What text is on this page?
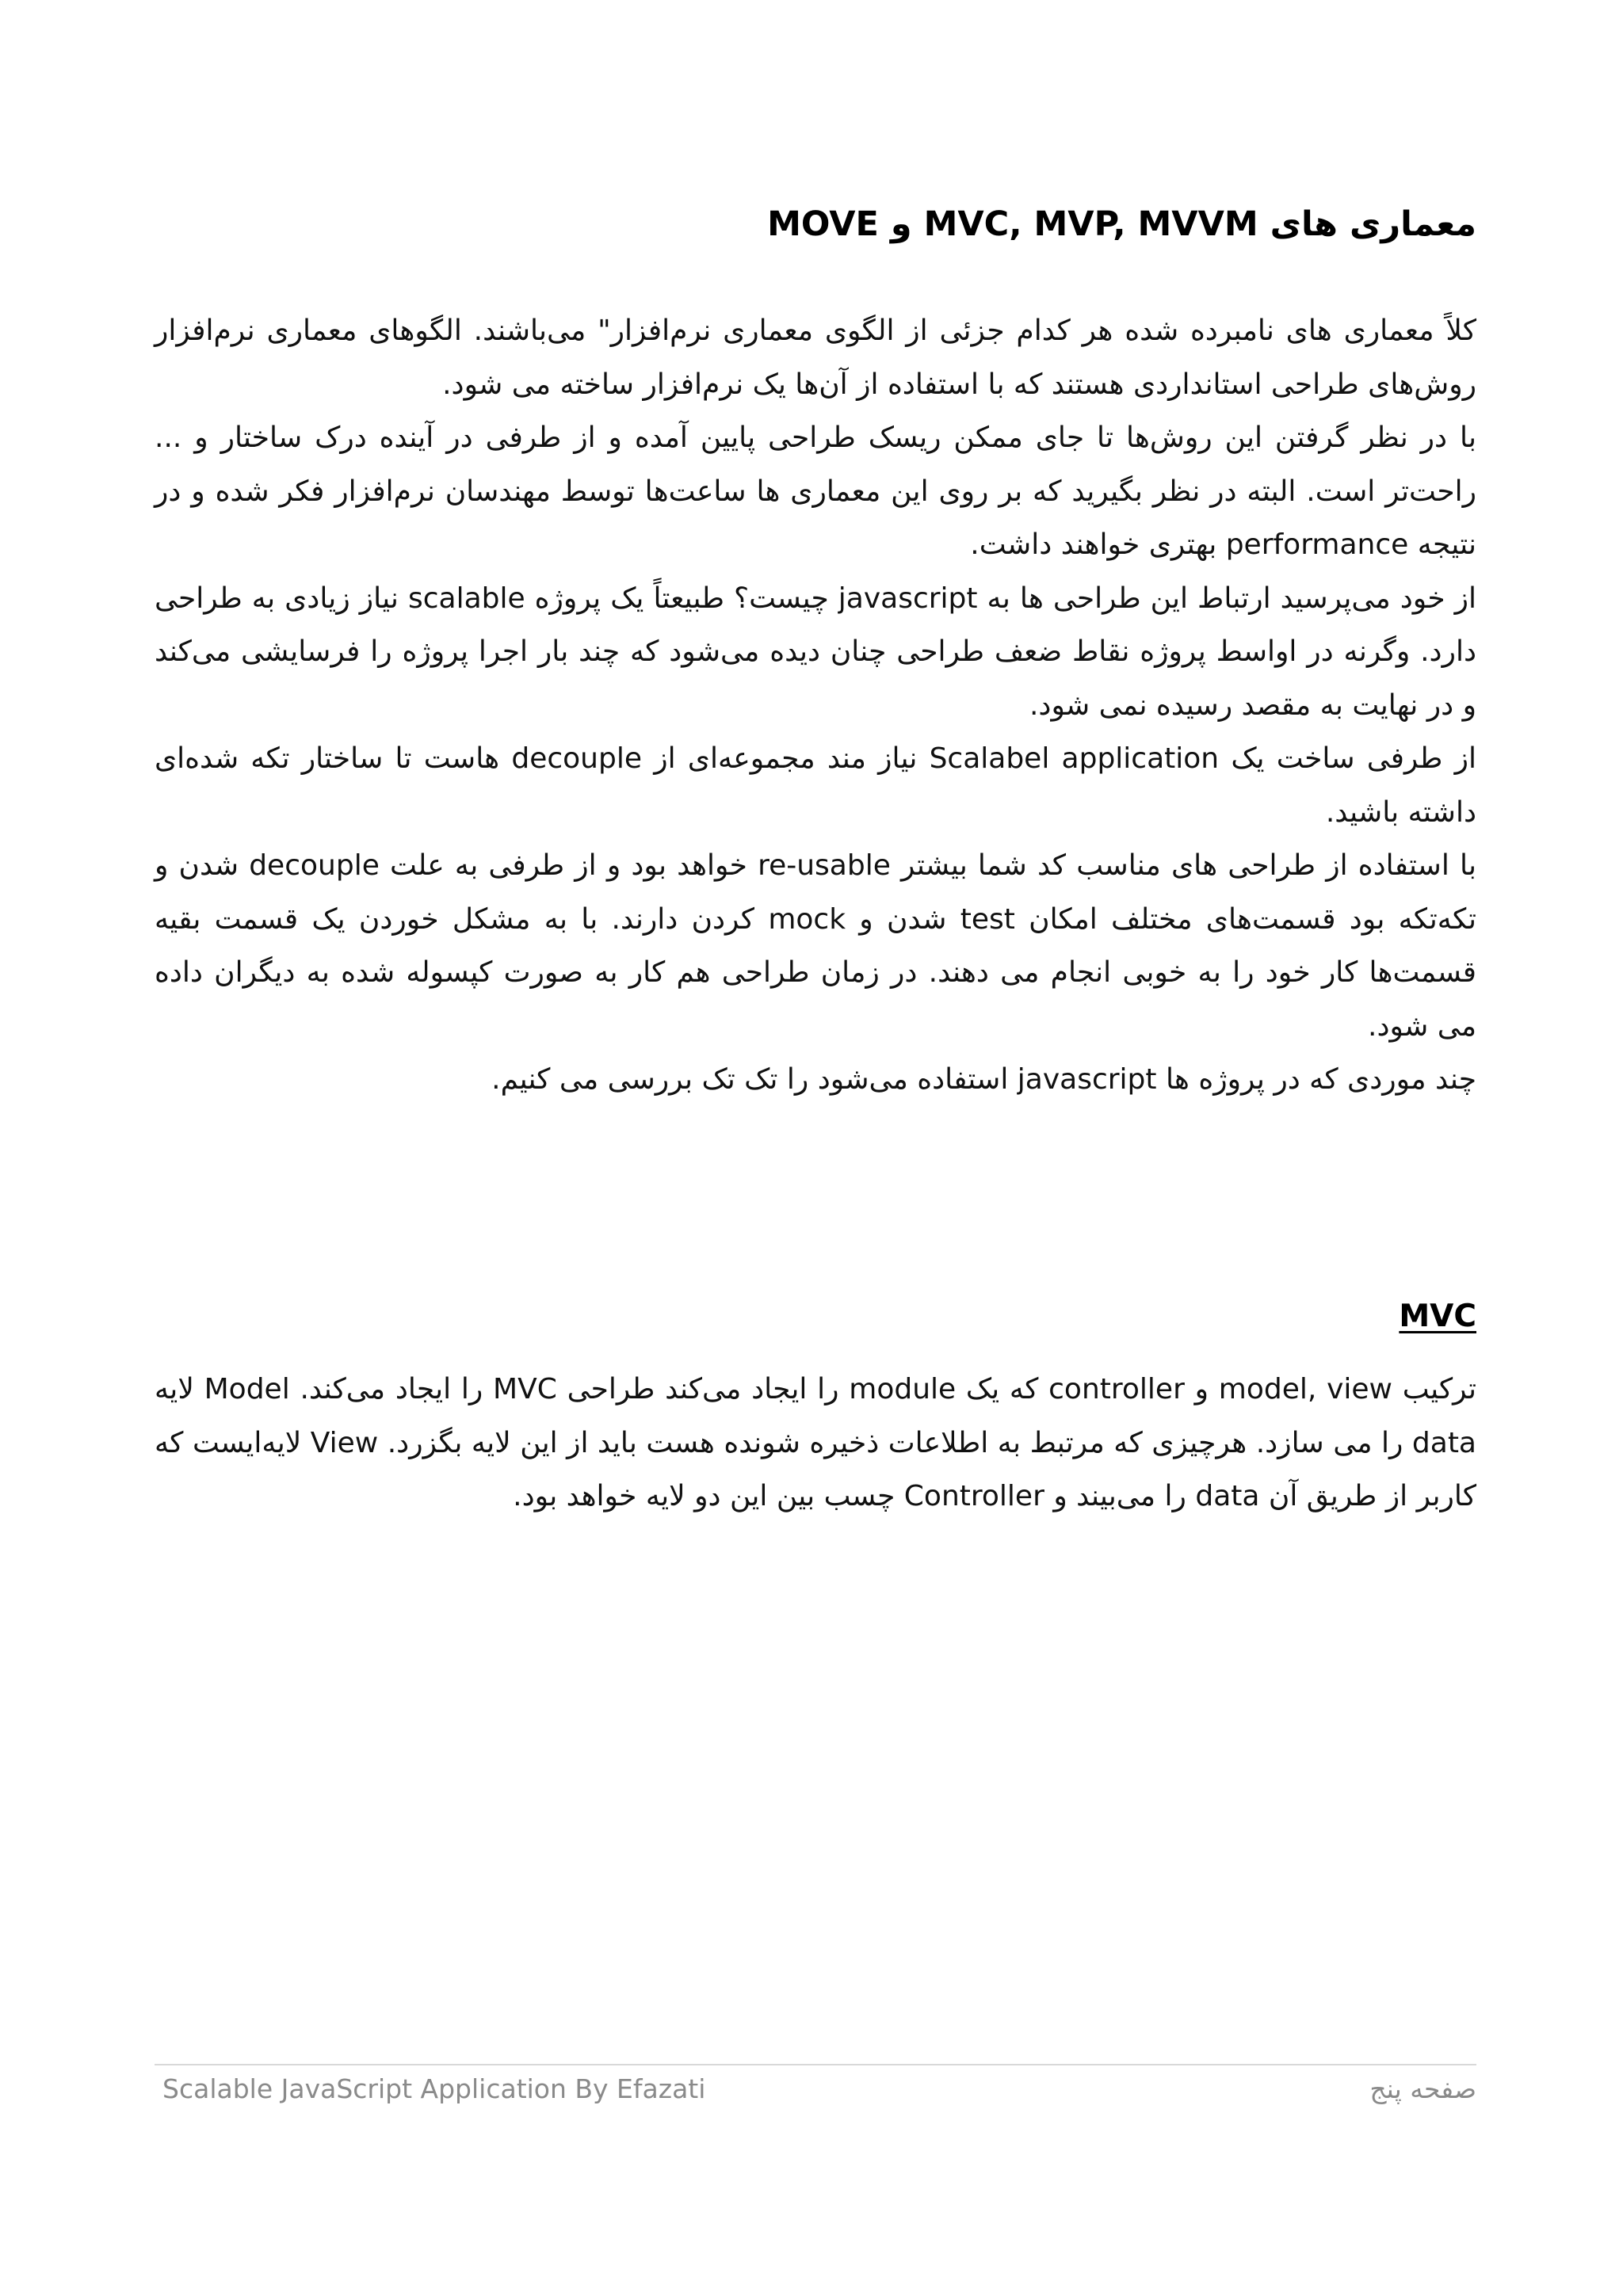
معماری های MVC, MVP, MVVM و MOVE

کلاً معماری های نامبرده شده هر کدام جزئی از الگوی معماری نرم‌افزار" می‌باشند. الگوهای معماری نرم‌افزار روش‌های طراحی استانداردی هستند که با استفاده از آن‌ها یک نرم‌افزار ساخته می شود.

با در نظر گرفتن این روش‌ها تا جای ممکن ریسک طراحی پایین آمده و از طرفی در آینده درک ساختار و ... راحت‌تر است. البته در نظر بگیرید که بر روی این معماری ها ساعت‌ها توسط مهندسان نرم‌افزار فکر شده و در نتیجه performance بهتری خواهند داشت.

از خود می‌پرسید ارتباط این طراحی ها به javascript چیست؟ طبیعتاً یک پروژه scalable نیاز زیادی به طراحی دارد. وگرنه در اواسط پروژه نقاط ضعف طراحی چنان دیده می‌شود که چند بار اجرا پروژه را فرسایشی می‌کند و در نهایت به مقصد رسیده نمی شود.

از طرفی ساخت یک Scalabel application نیاز مند مجموعه‌ای از decouple هاست تا ساختار تکه شده‌ای داشته باشید.

با استفاده از طراحی های مناسب کد شما بیشتر re-usable خواهد بود و از طرفی به علت decouple شدن و تکه‌تکه بود قسمت‌های مختلف امکان test شدن و mock کردن دارند. با به مشکل خوردن یک قسمت بقیه قسمت‌ها کار خود را به خوبی انجام می دهند. در زمان طراحی هم کار به صورت کپسوله شده به دیگران داده می شود.

چند موردی که در پروژه ها javascript استفاده می‌شود را تک تک بررسی می کنیم.

MVC

ترکیب model, view و controller که یک module را ایجاد می‌کند طراحی MVC را ایجاد می‌کند. Model لایه data را می سازد. هرچیزی که مرتبط به اطلاعات ذخیره شونده هست باید از این لایه بگزرد. View لایه‌ایست که کاربر از طریق آن data را می‌بیند و Controller چسب بین این دو لایه خواهد بود.

Scalable JavaScript Application By Efazati	صفحه پنج
